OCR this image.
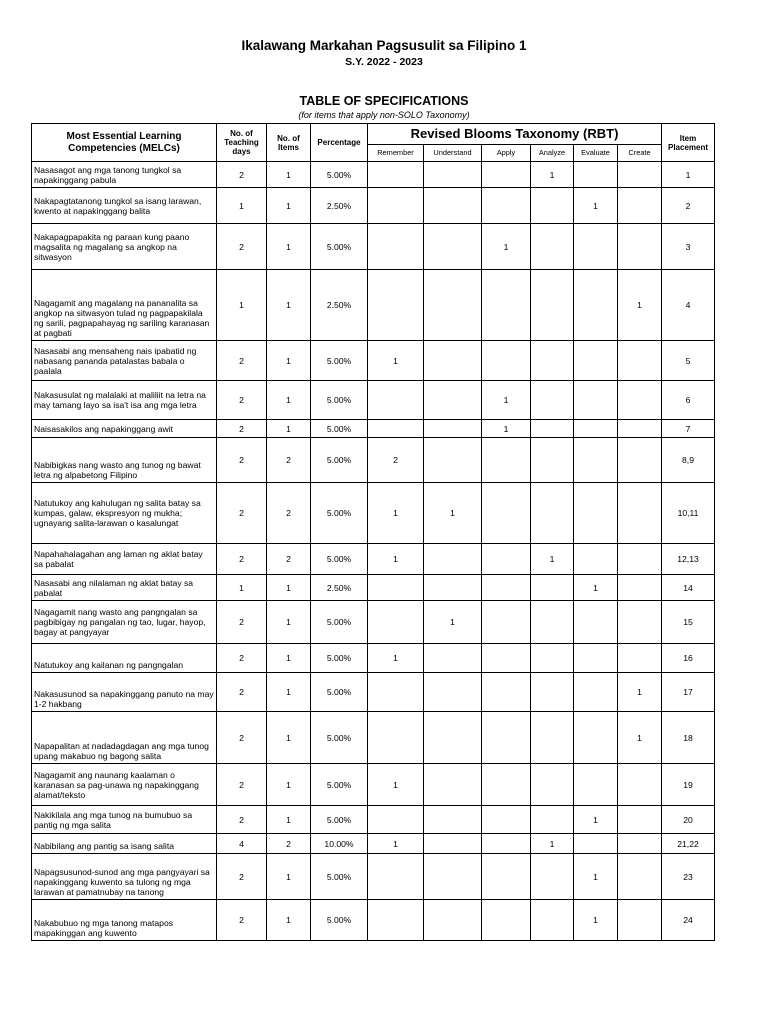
Ikalawang Markahan Pagsusulit sa Filipino 1
S.Y. 2022 - 2023
TABLE OF SPECIFICATIONS
(for items that apply non-SOLO Taxonomy)
Most Essential Learning Competencies (MELCs)	No. of Teaching days	No. of Items	Percentage	Revised Blooms Taxonomy (RBT)						Item Placement
				Remember	Understand	Apply	Analyze	Evaluate	Create	
Nasasagot ang mga tanong tungkol sa napakinggang pabula	2	1	5.00%				1			1
Nakapagtatanong tungkol sa isang larawan, kwento at napakinggang balita	1	1	2.50%					1		2
Nakapagpapakita ng paraan kung paano magsalita ng magalang sa angkop na sitwasyon	2	1	5.00%			1				3
Nagagamit ang magalang na pananalita sa angkop na sitwasyon tulad ng pagpapakilala ng sarili, pagpapahayag ng sariling karanasan at pagbati	1	1	2.50%						1	4
Nasasabi ang mensaheng nais ipabatid ng nabasang pananda patalastas babala o paalala	2	1	5.00%	1						5
Nakasusulat ng malalaki at maliliit na letra na may tamang layo sa isa't isa ang mga letra	2	1	5.00%			1				6
Naisasakilos ang napakinggang awit	2	1	5.00%			1				7
Nabibigkas nang wasto ang tunog ng bawat letra ng alpabetong Filipino	2	2	5.00%	2						8,9
Natutukoy ang kahulugan ng salita batay sa kumpas, galaw, ekspresyon ng mukha; ugnayang salita-larawan o kasalungat	2	2	5.00%	1	1					10,11
Napahahalagahan ang laman ng aklat batay sa pabalat	2	2	5.00%	1			1			12,13
Nasasabi ang nilalaman ng aklat batay sa pabalat	1	1	2.50%					1		14
Nagagamit nang wasto ang pangngalan sa pagbibigay ng pangalan ng tao, lugar, hayop, bagay at pangyayar	2	1	5.00%		1					15
Natutukoy ang kailanan ng pangngalan	2	1	5.00%	1						16
Nakasusunod sa napakinggang panuto na may 1-2 hakbang	2	1	5.00%						1	17
Napapalitan at nadadagdagan ang mga tunog upang makabuo ng bagong salita	2	1	5.00%						1	18
Nagagamit ang naunang kaalaman o karanasan sa pag-unawa ng napakinggang alamat/teksto	2	1	5.00%	1						19
Nakikilala ang mga tunog na bumubuo sa pantig ng mga salita	2	1	5.00%					1		20
Nabibilang ang pantig sa isang salita	4	2	10.00%	1			1			21,22
Napagsusunod-sunod ang mga pangyayari sa napakinggang kuwento sa tulong ng mga larawan at pamatnubay na tanong	2	1	5.00%					1		23
Nakabubuo ng mga tanong matapos mapakinggan ang kuwento	2	1	5.00%					1		24
